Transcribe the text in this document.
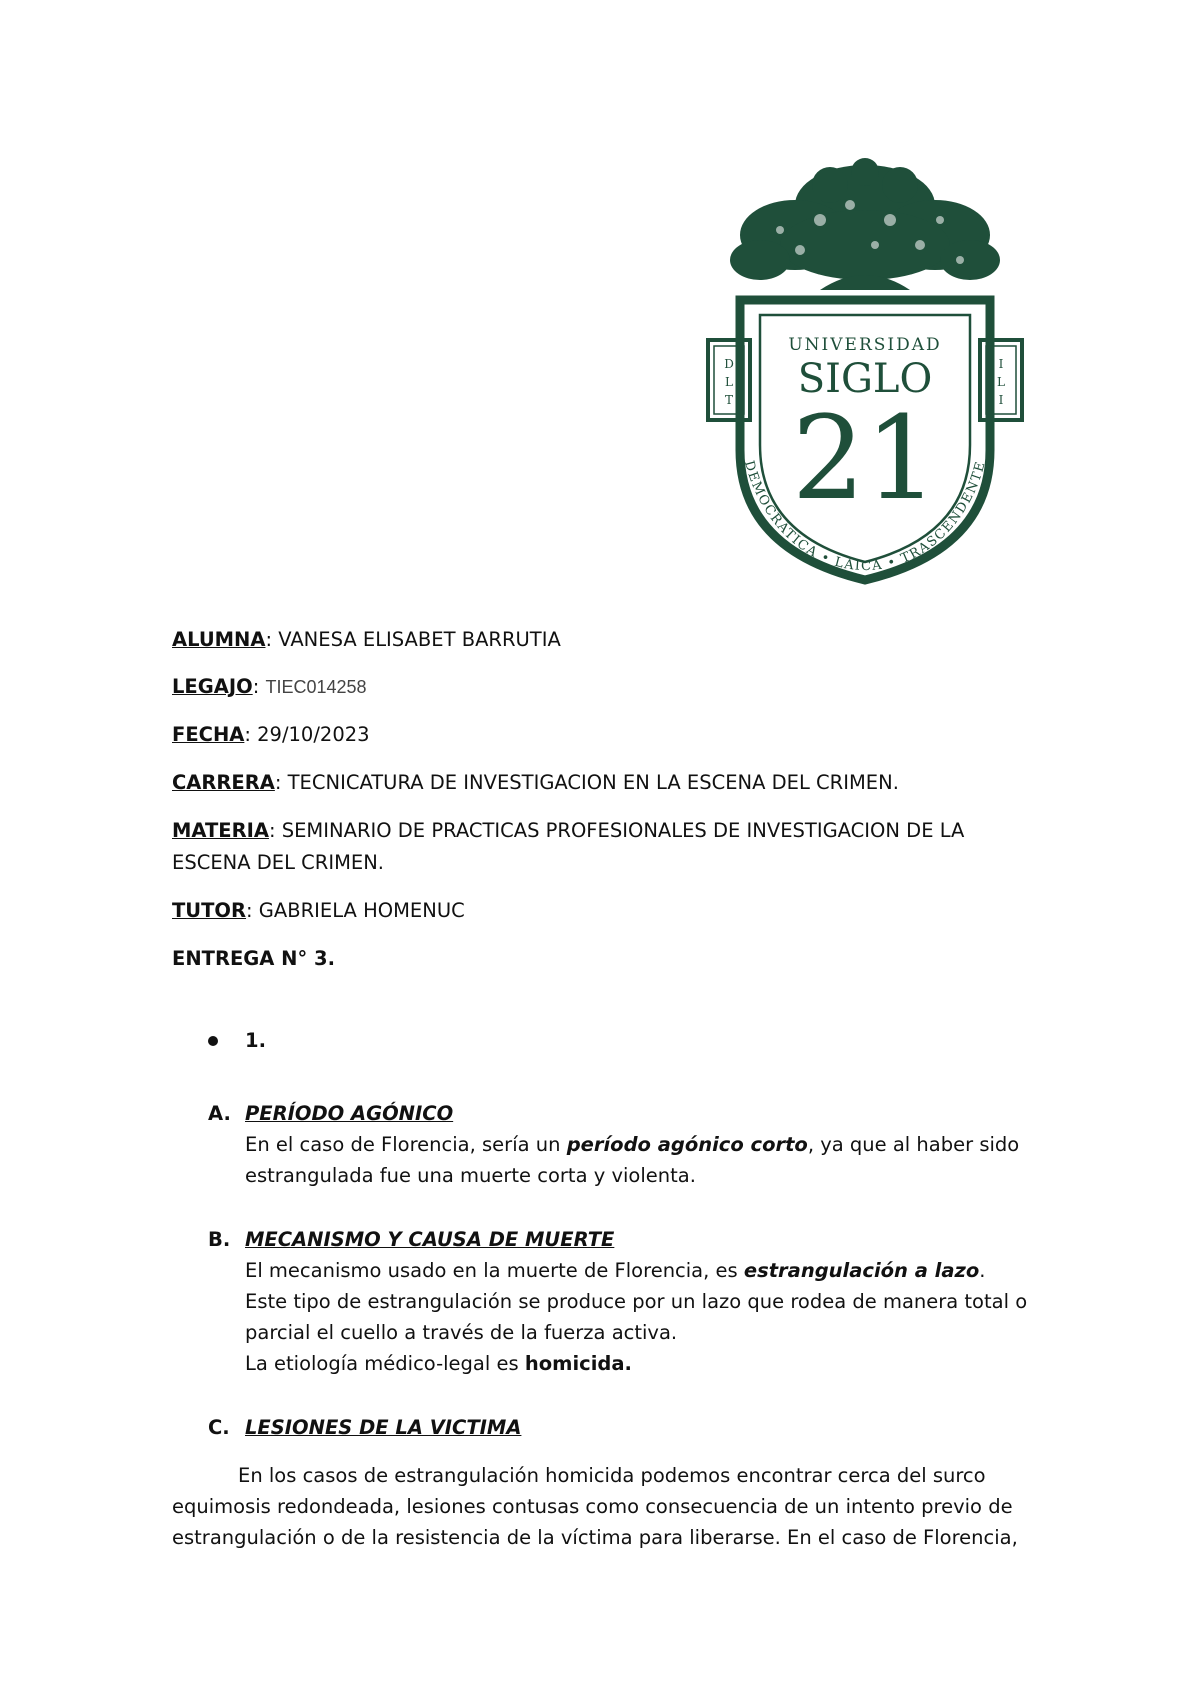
UNIVERSIDAD
SIGLO
21
D
L
T
I
L
I
DEMOCRÁTICA • LAICA • TRASCENDENTE
ALUMNA: VANESA ELISABET BARRUTIA
LEGAJO: TIEC014258
FECHA: 29/10/2023
CARRERA: TECNICATURA DE INVESTIGACION EN LA ESCENA DEL CRIMEN.
MATERIA: SEMINARIO DE PRACTICAS PROFESIONALES DE INVESTIGACION DE LA
ESCENA DEL CRIMEN.
TUTOR: GABRIELA HOMENUC
ENTREGA N° 3.
1.
A. PERÍODO AGÓNICO
En el caso de Florencia, sería un período agónico corto, ya que al haber sido
estrangulada fue una muerte corta y violenta.
B. MECANISMO Y CAUSA DE MUERTE
El mecanismo usado en la muerte de Florencia, es estrangulación a lazo.
Este tipo de estrangulación se produce por un lazo que rodea de manera total o
parcial el cuello a través de la fuerza activa.
La etiología médico-legal es homicida.
C. LESIONES DE LA VICTIMA
En los casos de estrangulación homicida podemos encontrar cerca del surco
equimosis redondeada, lesiones contusas como consecuencia de un intento previo de
estrangulación o de la resistencia de la víctima para liberarse. En el caso de Florencia,
